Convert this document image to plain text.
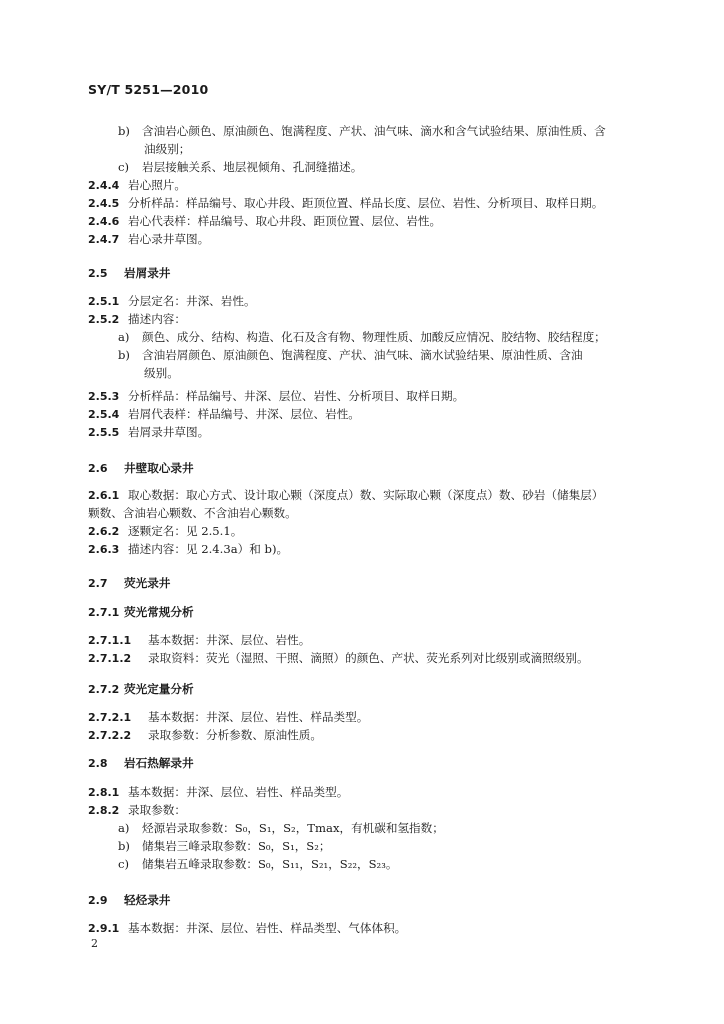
SY/T 5251—2010
b) 含油岩心颜色、原油颜色、饱满程度、产状、油气味、滴水和含气试验结果、原油性质、含
油级别；
c) 岩层接触关系、地层视倾角、孔洞缝描述。
2.4.4 岩心照片。
2.4.5 分析样品：样品编号、取心井段、距顶位置、样品长度、层位、岩性、分析项目、取样日期。
2.4.6 岩心代表样：样品编号、取心井段、距顶位置、层位、岩性。
2.4.7 岩心录井草图。
2.5 岩屑录井
2.5.1 分层定名：井深、岩性。
2.5.2 描述内容：
a) 颜色、成分、结构、构造、化石及含有物、物理性质、加酸反应情况、胶结物、胶结程度；
b) 含油岩屑颜色、原油颜色、饱满程度、产状、油气味、滴水试验结果、原油性质、含油
级别。
2.5.3 分析样品：样品编号、井深、层位、岩性、分析项目、取样日期。
2.5.4 岩屑代表样：样品编号、井深、层位、岩性。
2.5.5 岩屑录井草图。
2.6 井壁取心录井
2.6.1 取心数据：取心方式、设计取心颗（深度点）数、实际取心颗（深度点）数、砂岩（储集层）
颗数、含油岩心颗数、不含油岩心颗数。
2.6.2 逐颗定名：见 2.5.1。
2.6.3 描述内容：见 2.4.3a）和 b)。
2.7 荧光录井
2.7.1 荧光常规分析
2.7.1.1 基本数据：井深、层位、岩性。
2.7.1.2 录取资料：荧光（湿照、干照、滴照）的颜色、产状、荧光系列对比级别或滴照级别。
2.7.2 荧光定量分析
2.7.2.1 基本数据：井深、层位、岩性、样品类型。
2.7.2.2 录取参数：分析参数、原油性质。
2.8 岩石热解录井
2.8.1 基本数据：井深、层位、岩性、样品类型。
2.8.2 录取参数：
a) 烃源岩录取参数：S₀，S₁，S₂，Tmax，有机碳和氢指数；
b) 储集岩三峰录取参数：S₀，S₁，S₂；
c) 储集岩五峰录取参数：S₀，S₁₁，S₂₁，S₂₂，S₂₃。
2.9 轻烃录井
2.9.1 基本数据：井深、层位、岩性、样品类型、气体体积。
2
